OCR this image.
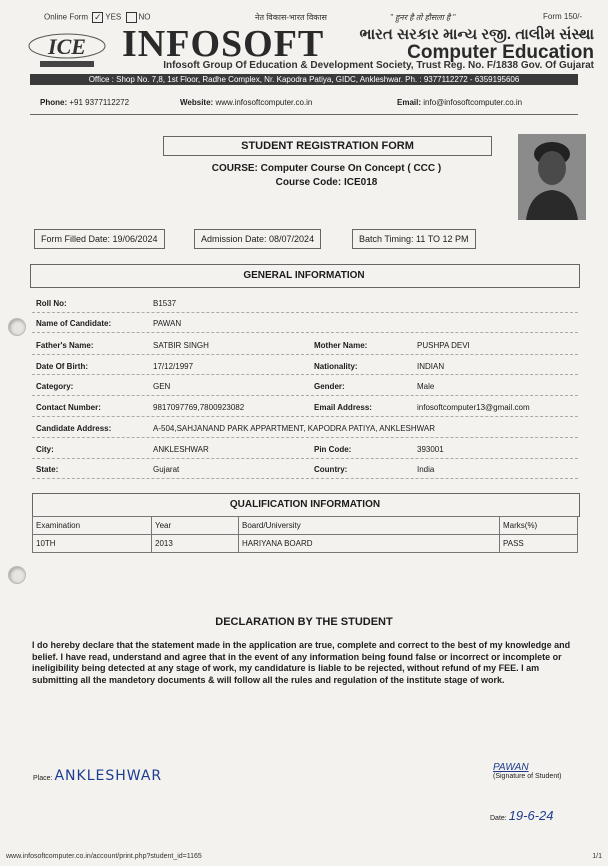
Online Form ✓ YES NO	नेत विकास-भारत विकास	" हुनर है तो हौसला है "	Form 150/-
ICE INFOSOFT	ભારત સરકાર માન્ય રજી. તાલીમ સંસ્થા
Computer Education
Infosoft Group Of Education & Development Society, Trust Reg. No. F/1838 Gov. Of Gujarat
Office : Shop No. 7,8, 1st Floor, Radhe Complex, Nr. Kapodra Patiya, GIDC, Ankleshwar. Ph. : 9377112272 - 6359195606
Phone: +91 9377112272	Website: www.infosoftcomputer.co.in	Email: info@infosoftcomputer.co.in
STUDENT REGISTRATION FORM
COURSE: Computer Course On Concept ( CCC )
Course Code: ICE018
Form Filled Date: 19/06/2024	Admission Date: 08/07/2024	Batch Timing: 11 TO 12 PM
GENERAL INFORMATION
Roll No:	B1537
Name of Candidate:	PAWAN
Father's Name:	SATBIR SINGH	Mother Name:	PUSHPA DEVI
Date Of Birth:	17/12/1997	Nationality:	INDIAN
Category:	GEN	Gender:	Male
Contact Number:	9817097769,7800923082	Email Address:	infosoftcomputer13@gmail.com
Candidate Address:	A-504,SAHJANAND PARK APPARTMENT, KAPODRA PATIYA, ANKLESHWAR
City:	ANKLESHWAR	Pin Code:	393001
State:	Gujarat	Country:	India
QUALIFICATION INFORMATION
Examination	Year	Board/University	Marks(%)
10TH	2013	HARIYANA BOARD	PASS
DECLARATION BY THE STUDENT
I do hereby declare that the statement made in the application are true, complete and correct to the best of my knowledge and belief. I have read, understand and agree that in the event of any information being found false or incorrect or incomplete or ineligibility being detected at any stage of work, my candidature is liable to be rejected, without refund of my FEE. I am submitting all the mandetory documents & will follow all the rules and regulation of the institute stage of work.
Place: ANKLESHWAR
PAWAN
(Signature of Student)
Date: 19-6-24
www.infosoftcomputer.co.in/account/print.php?student_id=1165	1/1
